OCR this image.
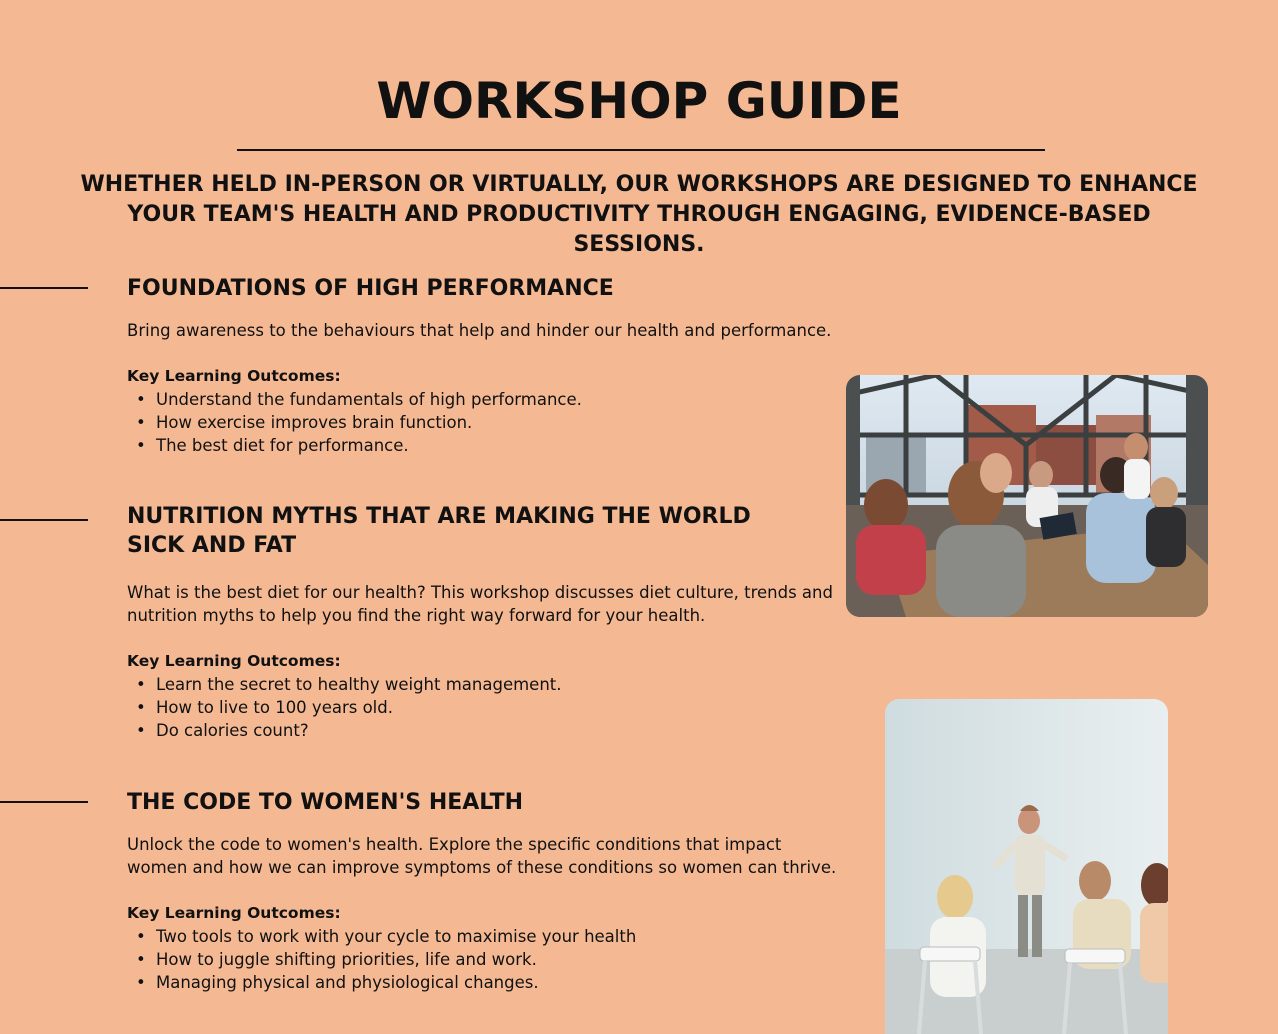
WORKSHOP GUIDE
WHETHER HELD IN-PERSON OR VIRTUALLY, OUR WORKSHOPS ARE DESIGNED TO ENHANCE
YOUR TEAM'S HEALTH AND PRODUCTIVITY THROUGH ENGAGING, EVIDENCE-BASED SESSIONS.
FOUNDATIONS OF HIGH PERFORMANCE

Bring awareness to the behaviours that help and hinder our health and performance.

Key Learning Outcomes:
• Understand the fundamentals of high performance.
• How exercise improves brain function.
• The best diet for performance.
NUTRITION MYTHS THAT ARE MAKING THE WORLD
SICK AND FAT

What is the best diet for our health? This workshop discusses diet culture, trends and nutrition myths to help you find the right way forward for your health.

Key Learning Outcomes:
• Learn the secret to healthy weight management.
• How to live to 100 years old.
• Do calories count?
THE CODE TO WOMEN'S HEALTH

Unlock the code to women's health. Explore the specific conditions that impact women and how we can improve symptoms of these conditions so women can thrive.

Key Learning Outcomes:
• Two tools to work with your cycle to maximise your health
• How to juggle shifting priorities, life and work.
• Managing physical and physiological changes.
